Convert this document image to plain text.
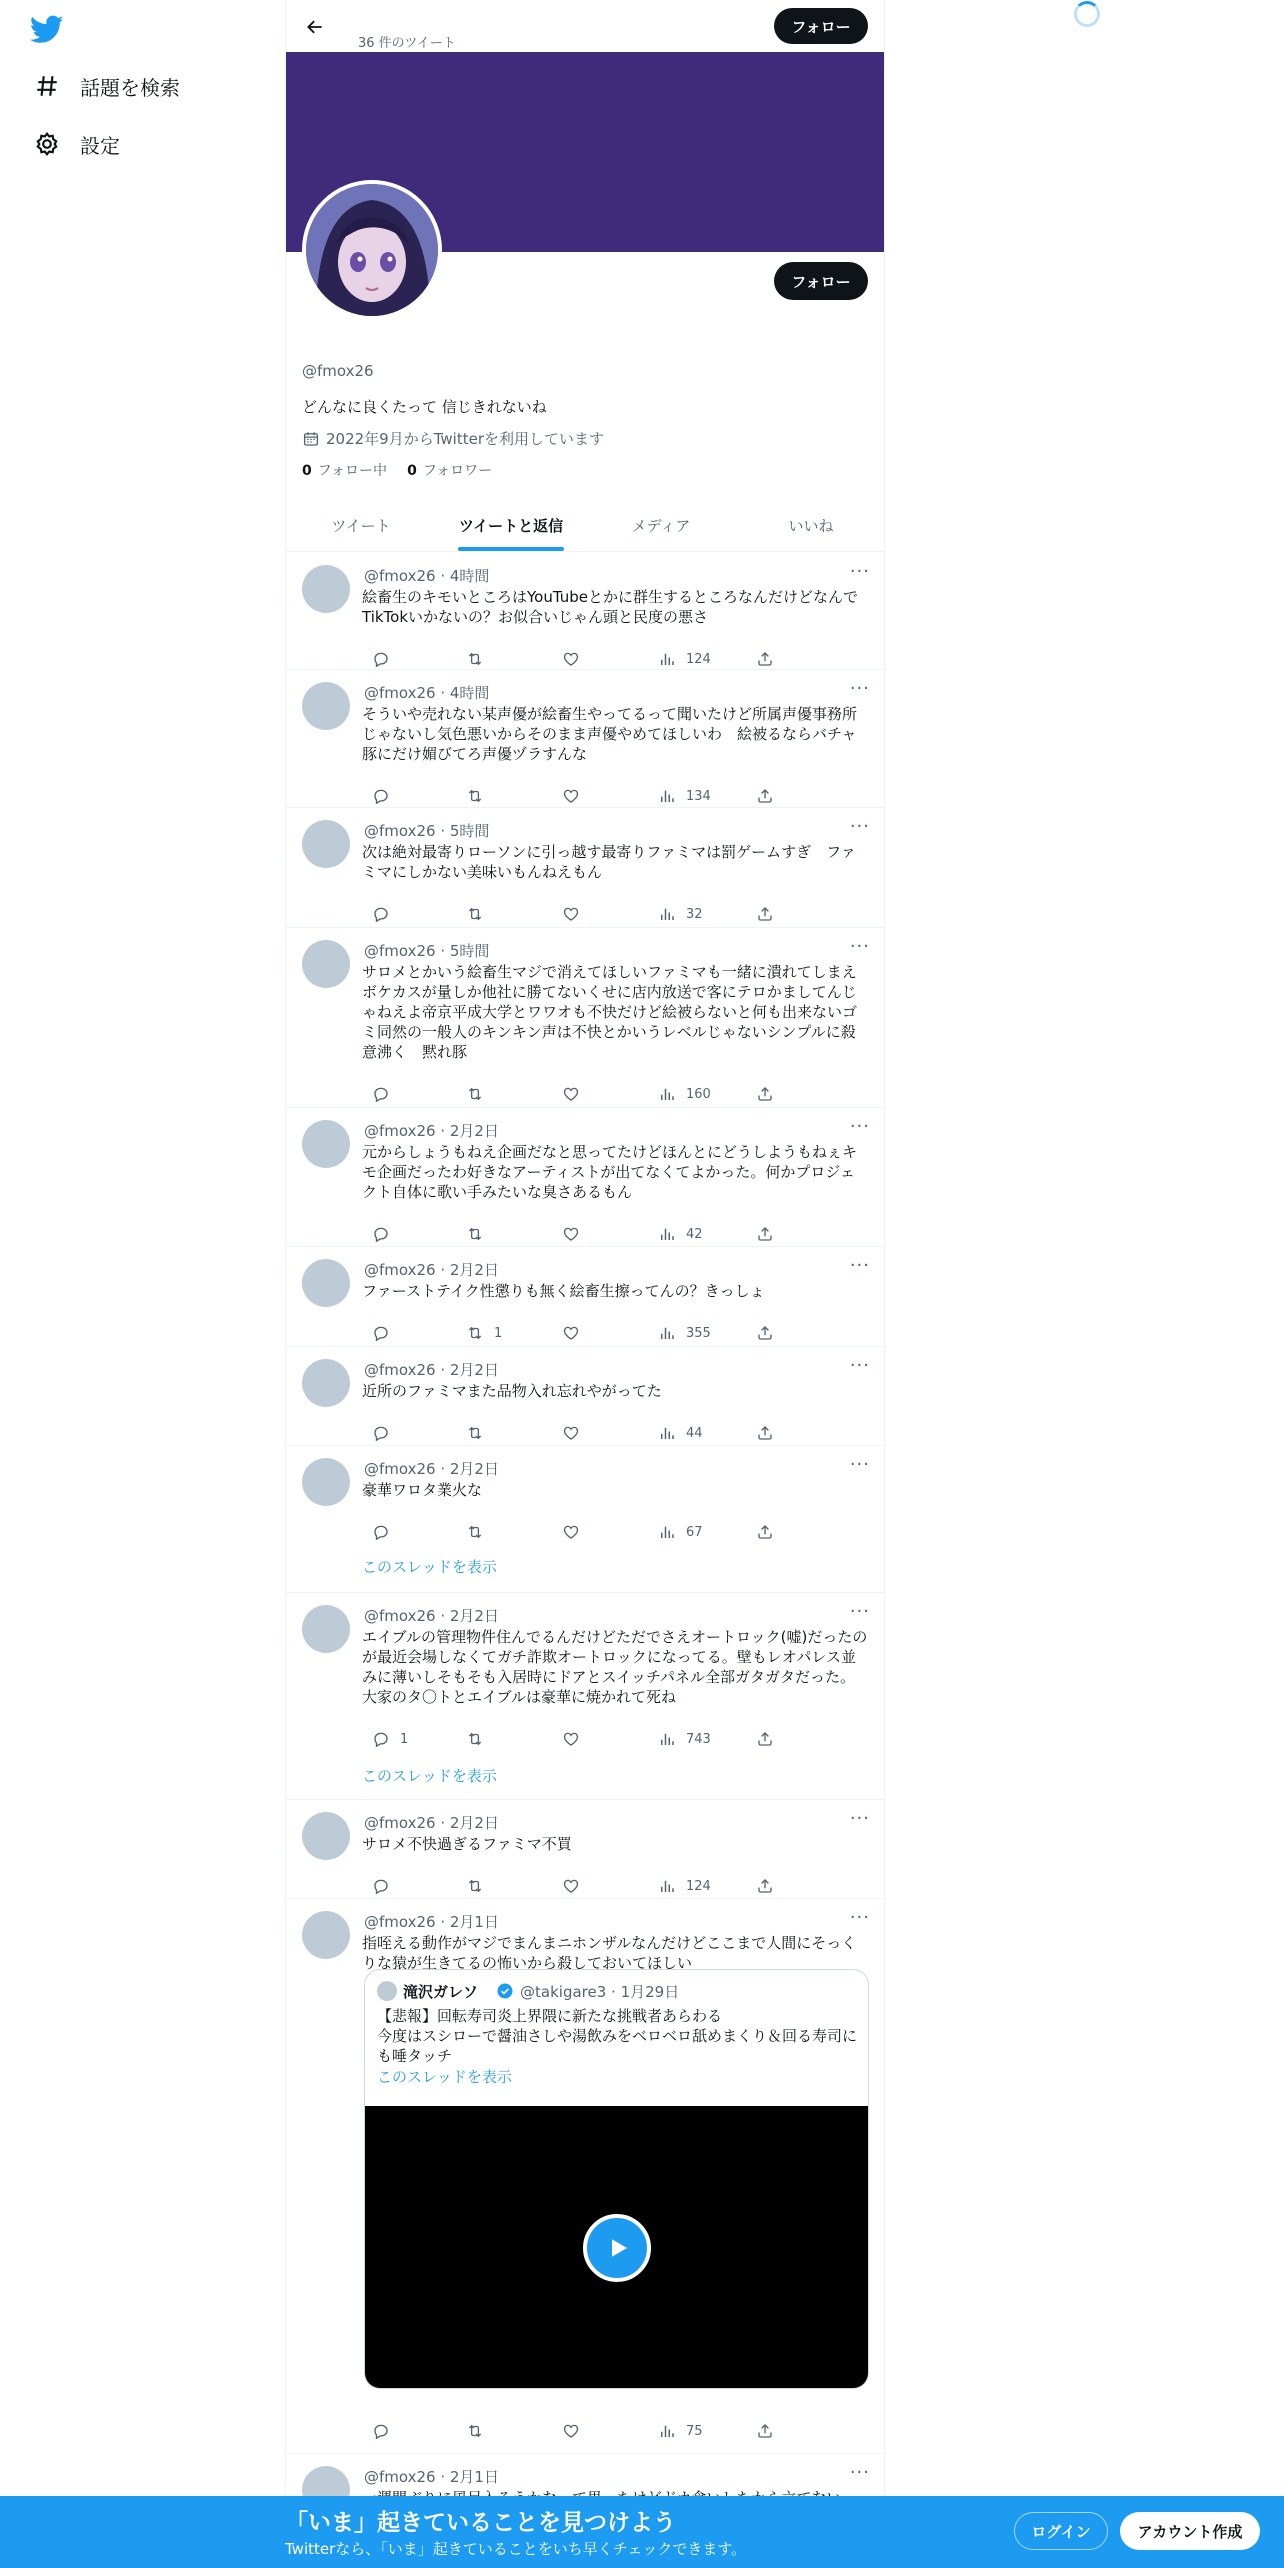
話題を検索
設定
36 件のツイート
フォロー
フォロー
@fmox26
どんなに良くたって 信じきれないね
2022年9月からTwitterを利用しています
0 フォロー中 0 フォロワー
ツイート	ツイートと返信	メディア	いいね
@fmox26 · 4時間	···
絵畜生のキモいところはYouTubeとかに群生するところなんだけどなんでTikTokいかないの？お似合いじゃん頭と民度の悪さ
124
@fmox26 · 4時間	···
そういや売れない某声優が絵畜生やってるって聞いたけど所属声優事務所じゃないし気色悪いからそのまま声優やめてほしいわ　絵被るならバチャ豚にだけ媚びてろ声優ヅラすんな
134
@fmox26 · 5時間	···
次は絶対最寄りローソンに引っ越す最寄りファミマは罰ゲームすぎ　ファミマにしかない美味いもんねえもん
32
@fmox26 · 5時間	···
サロメとかいう絵畜生マジで消えてほしいファミマも一緒に潰れてしまえボケカスが量しか他社に勝てないくせに店内放送で客にテロかましてんじゃねえよ帝京平成大学とワワオも不快だけど絵被らないと何も出来ないゴミ同然の一般人のキンキン声は不快とかいうレベルじゃないシンプルに殺意沸く　黙れ豚
160
@fmox26 · 2月2日	···
元からしょうもねえ企画だなと思ってたけどほんとにどうしようもねぇキモ企画だったわ好きなアーティストが出てなくてよかった。何かプロジェクト自体に歌い手みたいな臭さあるもん
42
@fmox26 · 2月2日	···
ファーストテイク性懲りも無く絵畜生擦ってんの？きっしょ
1	355
@fmox26 · 2月2日	···
近所のファミマまた品物入れ忘れやがってた
44
@fmox26 · 2月2日	···
豪華ワロタ業火な
67
このスレッドを表示
@fmox26 · 2月2日	···
エイブルの管理物件住んでるんだけどただでさえオートロック(嘘)だったのが最近会場しなくてガチ詐欺オートロックになってる。壁もレオパレス並みに薄いしそもそも入居時にドアとスイッチパネル全部ガタガタだった。大家のタ〇トとエイブルは豪華に焼かれて死ね
1	743
このスレッドを表示
@fmox26 · 2月2日	···
サロメ不快過ぎるファミマ不買
124
@fmox26 · 2月1日	···
指咥える動作がマジでまんまニホンザルなんだけどここまで人間にそっくりな猿が生きてるの怖いから殺しておいてほしい
滝沢ガレソ	@takigare3 · 1月29日
【悲報】回転寿司炎上界隈に新たな挑戦者あらわる
今度はスシローで醤油さしや湯飲みをベロベロ舐めまくり＆回る寿司にも唾タッチ
このスレッドを表示
75
@fmox26 · 2月1日	···
「いま」起きていることを見つけよう
Twitterなら、「いま」起きていることをいち早くチェックできます。
ログイン	アカウント作成
